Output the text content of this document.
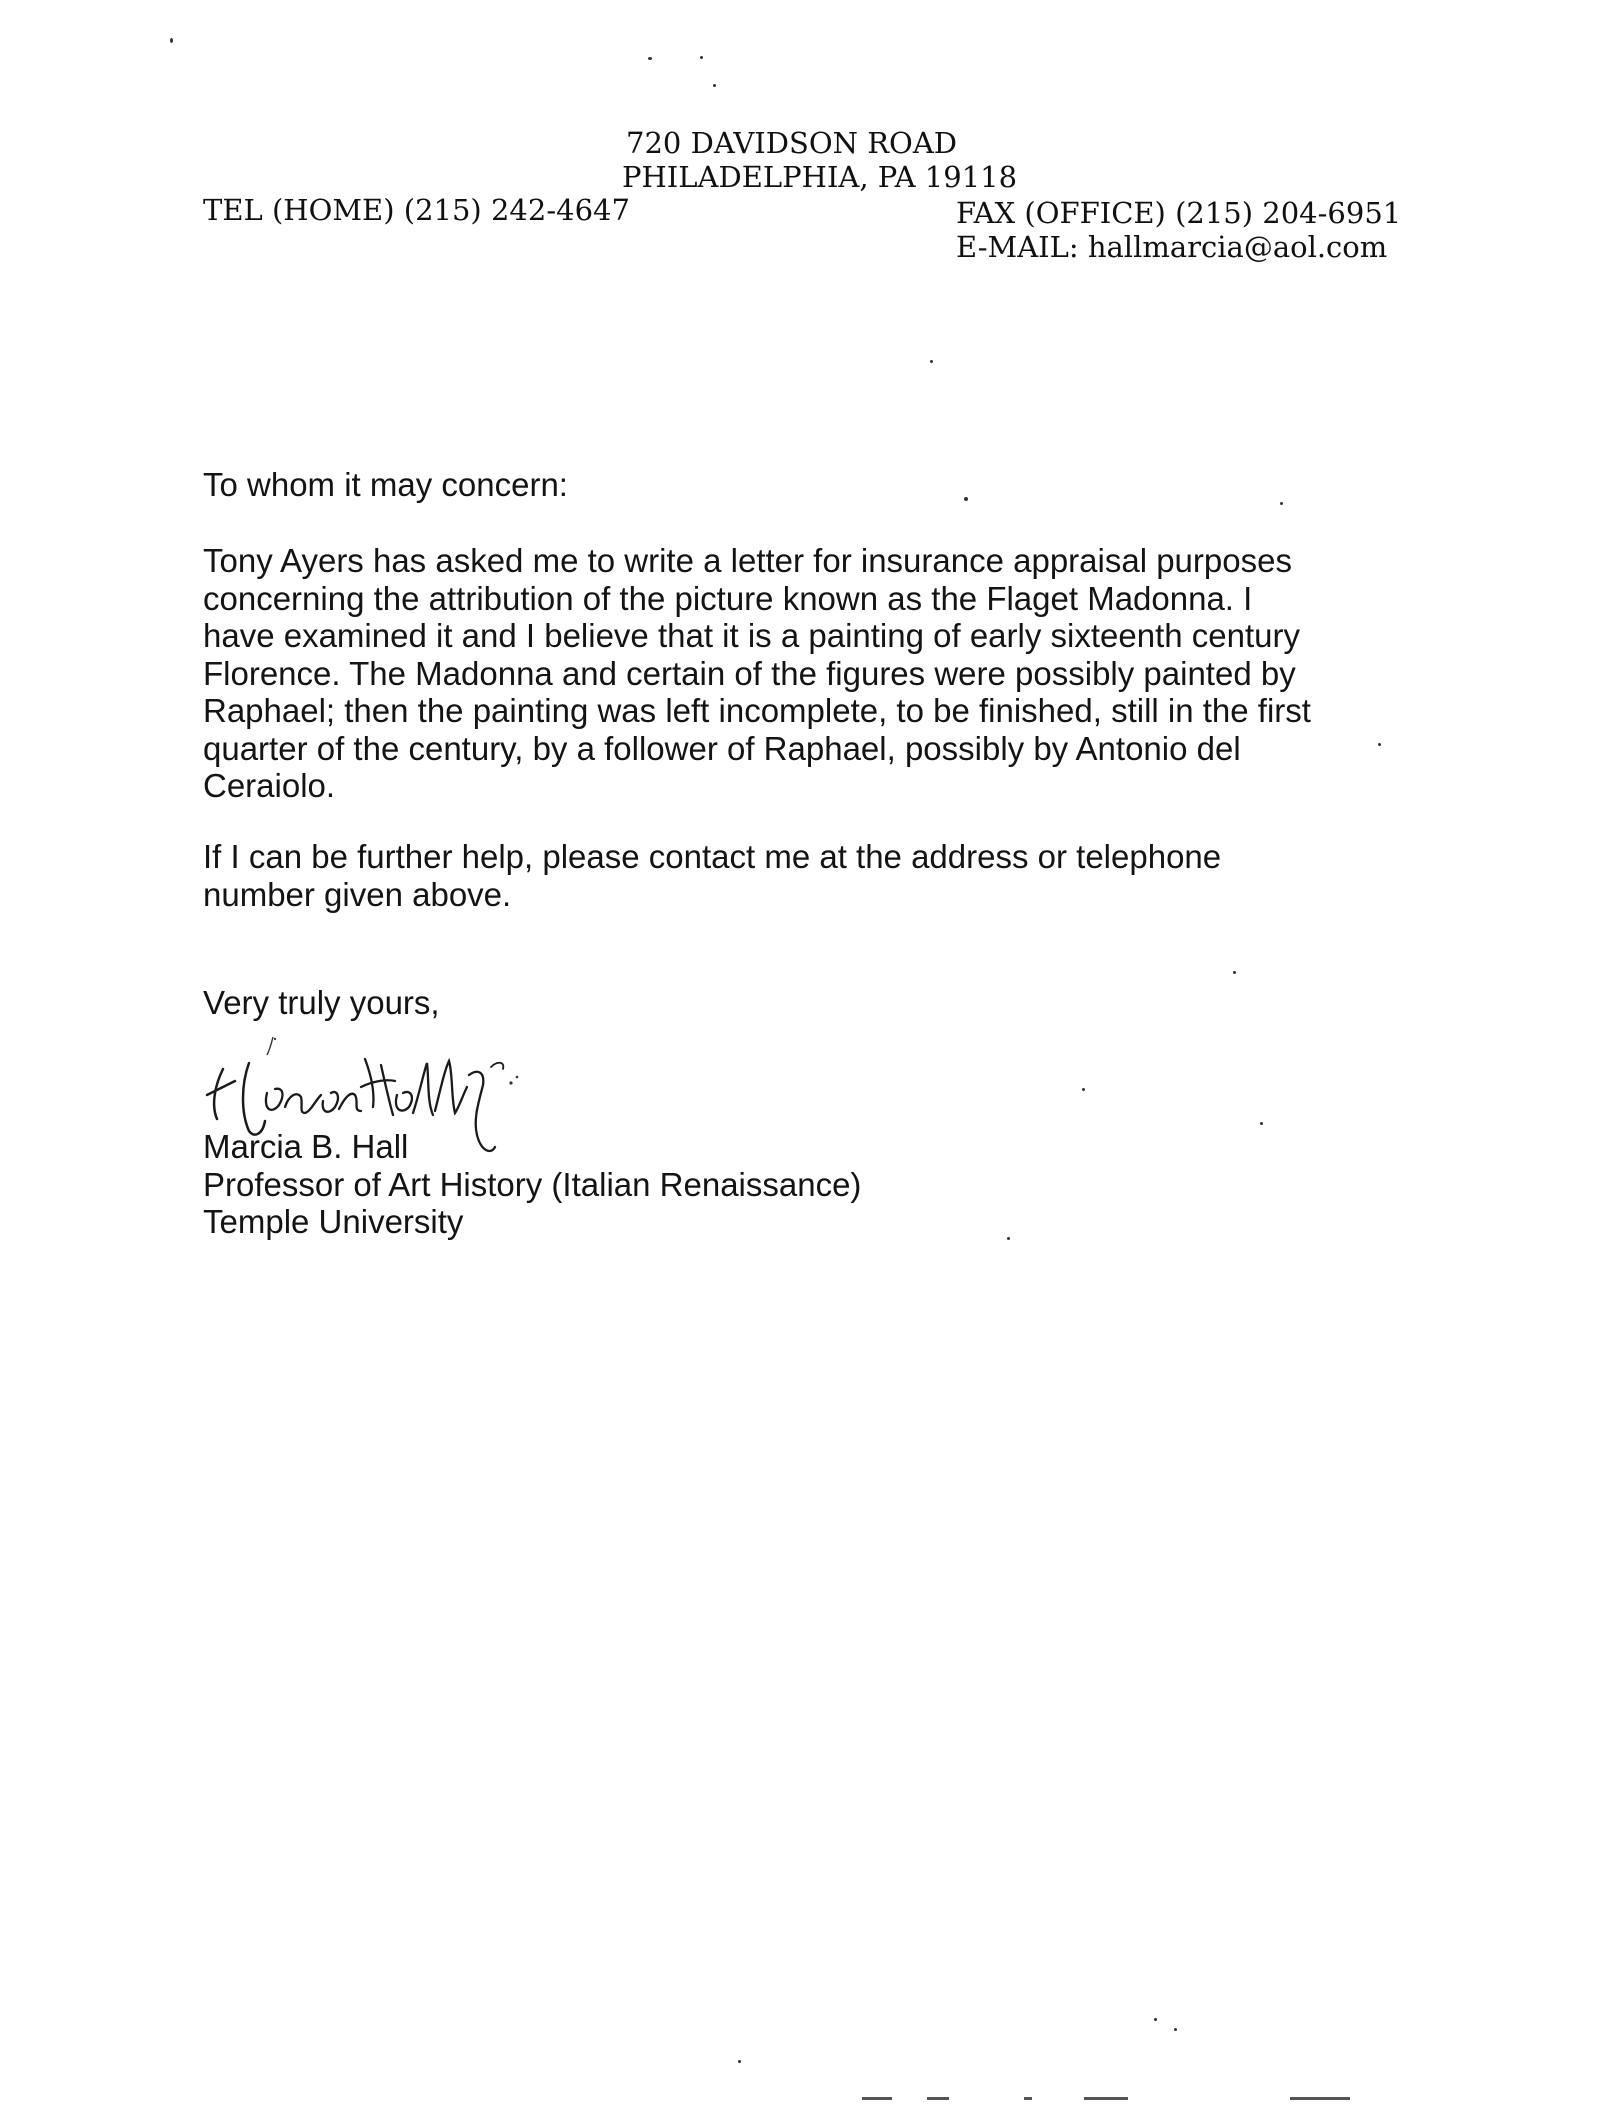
720 DAVIDSON ROAD
PHILADELPHIA, PA 19118
TEL (HOME) (215) 242-4647	FAX (OFFICE) (215) 204-6951
E-MAIL: hallmarcia@aol.com
To whom it may concern:
Tony Ayers has asked me to write a letter for insurance appraisal purposes
concerning the attribution of the picture known as the Flaget Madonna. I
have examined it and I believe that it is a painting of early sixteenth century
Florence. The Madonna and certain of the figures were possibly painted by
Raphael; then the painting was left incomplete, to be finished, still in the first
quarter of the century, by a follower of Raphael, possibly by Antonio del
Ceraiolo.
If I can be further help, please contact me at the address or telephone
number given above.
Very truly yours,
Marcia B. Hall
Professor of Art History (Italian Renaissance)
Temple University
